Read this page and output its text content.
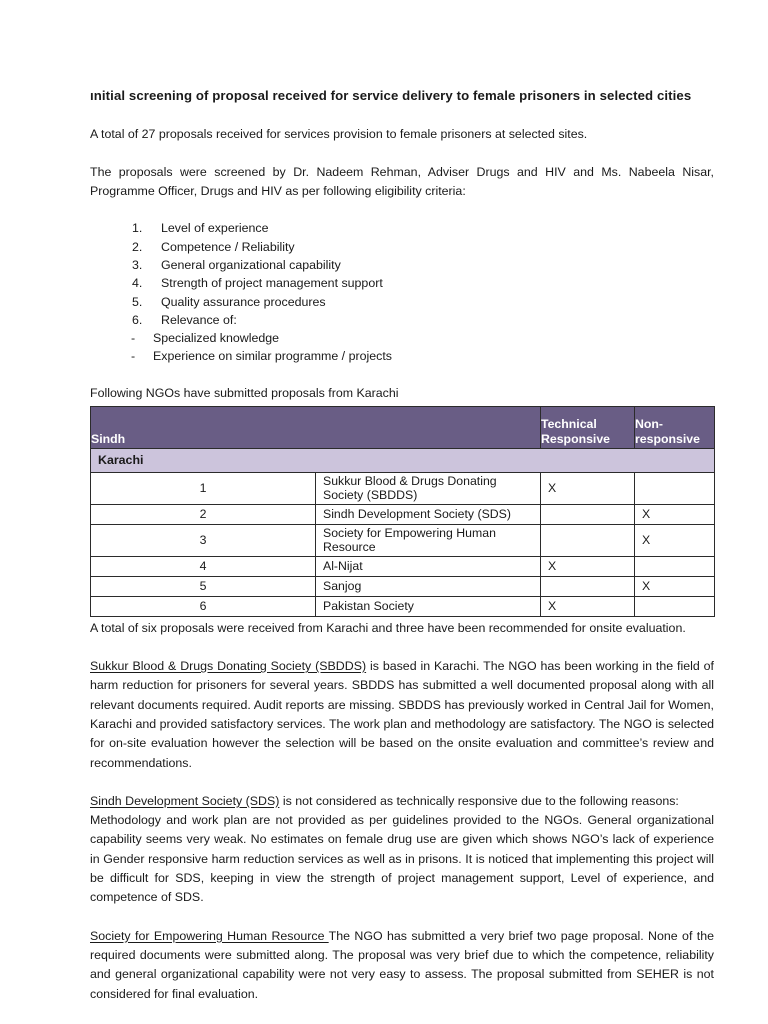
ınitial screening of proposal received for service delivery to female prisoners in selected cities

A total of 27 proposals received for services provision to female prisoners at selected sites.

The proposals were screened by Dr. Nadeem Rehman, Adviser Drugs and HIV and Ms. Nabeela Nisar, Programme Officer, Drugs and HIV as per following eligibility criteria:

Level of experience
Competence / Reliability
General organizational capability
Strength of project management support
Quality assurance procedures
Relevance of:
- Specialized knowledge
- Experience on similar programme / projects

Following NGOs have submitted proposals from Karachi

Sindh		Technical Responsive	Non-responsive
Karachi			
1	Sukkur Blood & Drugs Donating Society (SBDDS)	X	
2	Sindh Development Society (SDS)		X
3	Society for Empowering Human Resource		X
4	Al-Nijat	X	
5	Sanjog		X
6	Pakistan Society	X	

A total of six proposals were received from Karachi and three have been recommended for onsite evaluation.

Sukkur Blood & Drugs Donating Society (SBDDS) is based in Karachi. The NGO has been working in the field of harm reduction for prisoners for several years. SBDDS has submitted a well documented proposal along with all relevant documents required. Audit reports are missing. SBDDS has previously worked in Central Jail for Women, Karachi and provided satisfactory services. The work plan and methodology are satisfactory. The NGO is selected for on-site evaluation however the selection will be based on the onsite evaluation and committee’s review and recommendations.

Sindh Development Society (SDS) is not considered as technically responsive due to the following reasons:

Methodology and work plan are not provided as per guidelines provided to the NGOs. General organizational capability seems very weak. No estimates on female drug use are given which shows NGO’s lack of experience in Gender responsive harm reduction services as well as in prisons. It is noticed that implementing this project will be difficult for SDS, keeping in view the strength of project management support, Level of experience, and competence of SDS.

Society for Empowering Human Resource The NGO has submitted a very brief two page proposal. None of the required documents were submitted along. The proposal was very brief due to which the competence, reliability and general organizational capability were not very easy to assess. The proposal submitted from SEHER is not considered for final evaluation.
